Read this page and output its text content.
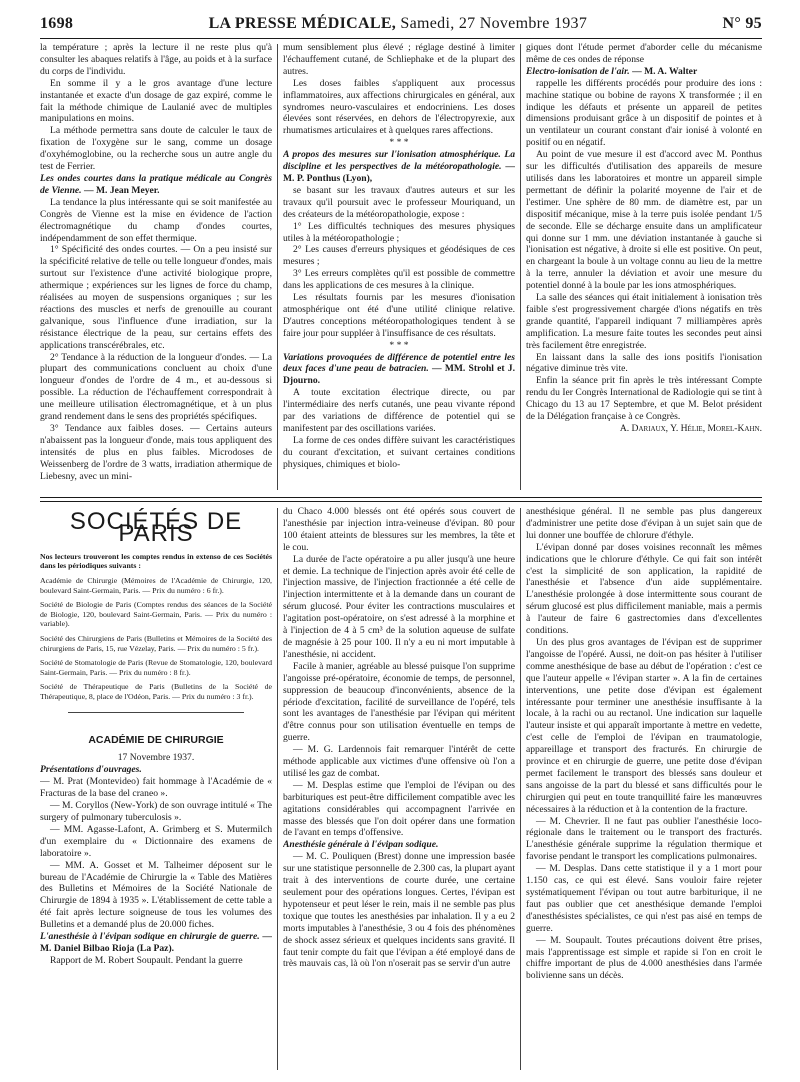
1698	LA PRESSE MÉDICALE, Samedi, 27 Novembre 1937	N° 95

la température ; après la lecture il ne reste plus qu'à consulter les abaques relatifs à l'âge, au poids et à la surface du corps de l'individu.

En somme il y a le gros avantage d'une lecture instantanée et exacte d'un dosage de gaz expiré, comme le fait la méthode chimique de Laulanié avec de multiples manipulations en moins.

La méthode permettra sans doute de calculer le taux de fixation de l'oxygène sur le sang, comme un dosage d'oxyhémoglobine, ou la recherche sous un autre angle du test de Ferrier.

Les ondes courtes dans la pratique médicale au Congrès de Vienne. — M. Jean Meyer.

La tendance la plus intéressante qui se soit manifestée au Congrès de Vienne est la mise en évidence de l'action électromagnétique du champ d'ondes courtes, indépendamment de son effet thermique.

1° Spécificité des ondes courtes. — On a peu insisté sur la spécificité relative de telle ou telle longueur d'ondes, mais surtout sur l'existence d'une activité biologique propre, athermique ; expériences sur les lignes de force du champ, réalisées au moyen de suspensions organiques ; sur les réactions des muscles et nerfs de grenouille au courant galvanique, sous l'influence d'une irradiation, sur la résistance électrique de la peau, sur certains effets des applications transcérébrales, etc.

2° Tendance à la réduction de la longueur d'ondes. — La plupart des communications concluent au choix d'une longueur d'ondes de l'ordre de 4 m., et au-dessous si possible. La réduction de l'échauffement correspondrait à une meilleure utilisation électromagnétique, et à un plus grand rendement dans le sens des propriétés spécifiques.

3° Tendance aux faibles doses. — Certains auteurs n'abaissent pas la longueur d'onde, mais tous appliquent des intensités de plus en plus faibles. Microdoses de Weissenberg de l'ordre de 3 watts, irradiation athermique de Liebesny, avec un mini-

mum sensiblement plus élevé ; réglage destiné à limiter l'échauffement cutané, de Schliephake et de la plupart des autres.

Les doses faibles s'appliquent aux processus inflammatoires, aux affections chirurgicales en général, aux syndromes neuro-vasculaires et endocriniens. Les doses élevées sont réservées, en dehors de l'électropyrexie, aux rhumatismes articulaires et à quelques rares affections.

* * *

A propos des mesures sur l'ionisation atmosphérique. La discipline et les perspectives de la météoropathologie. — M. P. Ponthus (Lyon),

se basant sur les travaux d'autres auteurs et sur les travaux qu'il poursuit avec le professeur Mouriquand, un des créateurs de la météoropathologie, expose :

1° Les difficultés techniques des mesures physiques utiles à la météoropathologie ;

2° Les causes d'erreurs physiques et géodésiques de ces mesures ;

3° Les erreurs complètes qu'il est possible de commettre dans les applications de ces mesures à la clinique.

Les résultats fournis par les mesures d'ionisation atmosphérique ont été d'une utilité clinique relative. D'autres conceptions météoropathologiques tendent à se faire jour pour suppléer à l'insuffisance de ces résultats.

* * *

Variations provoquées de différence de potentiel entre les deux faces d'une peau de batracien. — MM. Strohl et J. Djourno.

A toute excitation électrique directe, ou par l'intermédiaire des nerfs cutanés, une peau vivante répond par des variations de différence de potentiel qui se manifestent par des oscillations variées.

La forme de ces ondes diffère suivant les caractéristiques du courant d'excitation, et suivant certaines conditions physiques, chimiques et biolo-

giques dont l'étude permet d'aborder celle du mécanisme même de ces ondes de réponse

Electro-ionisation de l'air. — M. A. Walter

rappelle les différents procédés pour produire des ions : machine statique ou bobine de rayons X transformée ; il en indique les défauts et présente un appareil de petites dimensions produisant grâce à un dispositif de pointes et à un ventilateur un courant constant d'air ionisé à volonté en positif ou en négatif.

Au point de vue mesure il est d'accord avec M. Ponthus sur les difficultés d'utilisation des appareils de mesure utilisés dans les laboratoires et montre un appareil simple permettant de définir la polarité moyenne de l'air et de l'estimer. Une sphère de 80 mm. de diamètre est, par un dispositif mécanique, mise à la terre puis isolée pendant 1/5 de seconde. Elle se décharge ensuite dans un amplificateur qui donne sur 1 mm. une déviation instantanée à gauche si l'ionisation est négative, à droite si elle est positive. On peut, en chargeant la boule à un voltage connu au lieu de la mettre à la terre, annuler la déviation et avoir une mesure du potentiel donné à la boule par les ions atmosphériques.

La salle des séances qui était initialement à ionisation très faible s'est progressivement chargée d'ions négatifs en très grande quantité, l'appareil indiquant 7 milliampères après amplification. La mesure faite toutes les secondes peut ainsi très facilement être enregistrée.

En laissant dans la salle des ions positifs l'ionisation négative diminue très vite.

Enfin la séance prit fin après le très intéressant Compte rendu du Ier Congrès International de Radiologie qui se tint à Chicago du 13 au 17 Septembre, et que M. Belot président de la Délégation française à ce Congrès.

A. Dariaux, Y. Hélie, Morel-Kahn.

SOCIÉTÉS DE PARIS

Nos lecteurs trouveront les comptes rendus in extenso de ces Sociétés dans les périodiques suivants :

Académie de Chirurgie (Mémoires de l'Académie de Chirurgie, 120, boulevard Saint-Germain, Paris. — Prix du numéro : 6 fr.).

Société de Biologie de Paris (Comptes rendus des séances de la Société de Biologie, 120, boulevard Saint-Germain, Paris. — Prix du numéro : variable).

Société des Chirurgiens de Paris (Bulletins et Mémoires de la Société des chirurgiens de Paris, 15, rue Vézelay, Paris. — Prix du numéro : 5 fr.).

Société de Stomatologie de Paris (Revue de Stomatologie, 120, boulevard Saint-Germain, Paris. — Prix du numéro : 8 fr.).

Société de Thérapeutique de Paris (Bulletins de la Société de Thérapeutique, 8, place de l'Odéon, Paris. — Prix du numéro : 3 fr.).

ACADÉMIE DE CHIRURGIE

17 Novembre 1937.

Présentations d'ouvrages.

— M. Prat (Montevideo) fait hommage à l'Académie de « Fracturas de la base del craneo ».

— M. Coryllos (New-York) de son ouvrage intitulé « The surgery of pulmonary tuberculosis ».

— MM. Agasse-Lafont, A. Grimberg et S. Mutermilch d'un exemplaire du « Dictionnaire des examens de laboratoire ».

— MM. A. Gosset et M. Talheimer déposent sur le bureau de l'Académie de Chirurgie la « Table des Matières des Bulletins et Mémoires de la Société Nationale de Chirurgie de 1894 à 1935 ». L'établissement de cette table a été fait après lecture soigneuse de tous les volumes des Bulletins et a demandé plus de 20.000 fiches.

L'anesthésie à l'évipan sodique en chirurgie de guerre. — M. Daniel Bilbao Rioja (La Paz).

Rapport de M. Robert Soupault. Pendant la guerre

du Chaco 4.000 blessés ont été opérés sous couvert de l'anesthésie par injection intra-veineuse d'évipan. 80 pour 100 étaient atteints de blessures sur les membres, la tête et le cou.

La durée de l'acte opératoire a pu aller jusqu'à une heure et demie. La technique de l'injection après avoir été celle de l'injection massive, de l'injection fractionnée a été celle de l'injection intermittente et à la demande dans un courant de sérum glucosé. Pour éviter les contractions musculaires et l'agitation post-opératoire, on s'est adressé à la morphine et à l'injection de 4 à 5 cm³ de la solution aqueuse de sulfate de magnésie à 25 pour 100. Il n'y a eu ni mort imputable à l'anesthésie, ni accident.

Facile à manier, agréable au blessé puisque l'on supprime l'angoisse pré-opératoire, économie de temps, de personnel, suppression de beaucoup d'inconvénients, absence de la période d'excitation, facilité de surveillance de l'opéré, tels sont les avantages de l'anesthésie par l'évipan qui méritent d'être connus pour son utilisation éventuelle en temps de guerre.

— M. G. Lardennois fait remarquer l'intérêt de cette méthode applicable aux victimes d'une offensive où l'on a utilisé les gaz de combat.

— M. Desplas estime que l'emploi de l'évipan ou des barbituriques est peut-être difficilement compatible avec les agitations considérables qui accompagnent l'arrivée en masse des blessés que l'on doit opérer dans une formation de l'avant en temps d'offensive.

Anesthésie générale à l'évipan sodique.

— M. C. Pouliquen (Brest) donne une impression basée sur une statistique personnelle de 2.300 cas, la plupart ayant trait à des interventions de courte durée, une certaine seulement pour des opérations longues. Certes, l'évipan est hypotenseur et peut léser le rein, mais il ne semble pas plus toxique que toutes les anesthésies par inhalation. Il y a eu 2 morts imputables à l'anesthésie, 3 ou 4 fois des phénomènes de shock assez sérieux et quelques incidents sans gravité. Il faut tenir compte du fait que l'évipan a été employé dans de très mauvais cas, là où l'on n'oserait pas se servir d'un autre

anesthésique général. Il ne semble pas plus dangereux d'administrer une petite dose d'évipan à un sujet sain que de lui donner une bouffée de chlorure d'éthyle.

L'évipan donné par doses voisines reconnaît les mêmes indications que le chlorure d'éthyle. Ce qui fait son intérêt c'est la simplicité de son application, la rapidité de l'anesthésie et l'absence d'un aide supplémentaire. L'anesthésie prolongée à dose intermittente sous courant de sérum glucosé est plus difficilement maniable, mais a permis à l'auteur de faire 6 gastrectomies dans d'excellentes conditions.

Un des plus gros avantages de l'évipan est de supprimer l'angoisse de l'opéré. Aussi, ne doit-on pas hésiter à l'utiliser comme anesthésique de base au début de l'opération : c'est ce que l'auteur appelle « l'évipan starter ». A la fin de certaines interventions, une petite dose d'évipan est également intéressante pour terminer une anesthésie insuffisante à la locale, à la rachi ou au rectanol. Une indication sur laquelle l'auteur insiste et qui apparaît importante à mettre en vedette, c'est celle de l'emploi de l'évipan en traumatologie, appareillage et transport des fracturés. En chirurgie de province et en chirurgie de guerre, une petite dose d'évipan permet facilement le transport des blessés sans douleur et sans angoisse de la part du blessé et sans difficultés pour le chirurgien qui peut en toute tranquillité faire les manœuvres nécessaires à la réduction et à la contention de la fracture.

— M. Chevrier. Il ne faut pas oublier l'anesthésie loco-régionale dans le traitement ou le transport des fracturés. L'anesthésie générale supprime la régulation thermique et favorise pendant le transport les complications pulmonaires.

— M. Desplas. Dans cette statistique il y a 1 mort pour 1.150 cas, ce qui est élevé. Sans vouloir faire rejeter systématiquement l'évipan ou tout autre barbiturique, il ne faut pas oublier que cet anesthésique demande l'emploi d'anesthésistes spécialistes, ce qui n'est pas aisé en temps de guerre.

— M. Soupault. Toutes précautions doivent être prises, mais l'apprentissage est simple et rapide si l'on en croit le chiffre important de plus de 4.000 anesthésies dans l'armée bolivienne sans un décès.
